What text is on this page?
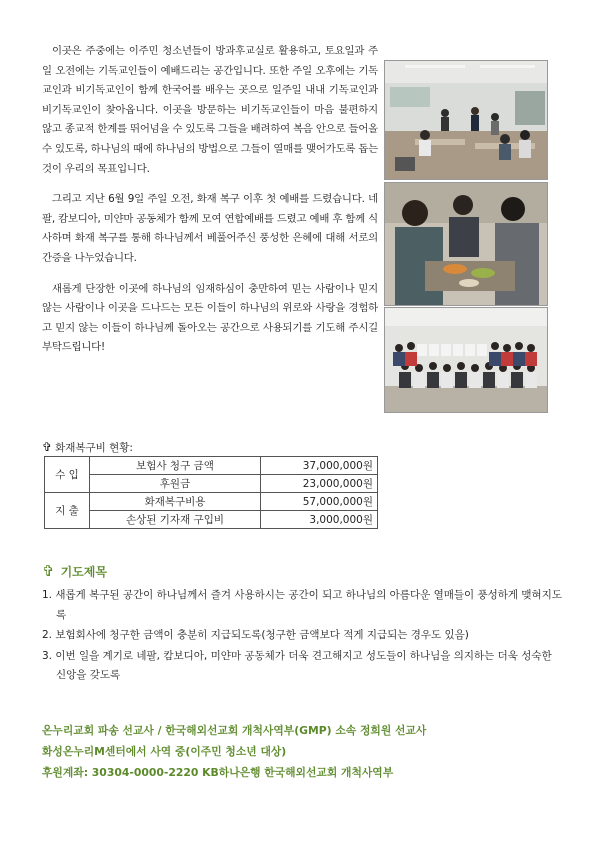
이곳은 주중에는 이주민 청소년들이 방과후교실로 활용하고, 토요일과 주일 오전에는 기독교인들이 예배드리는 공간입니다. 또한 주일 오후에는 기독교인과 비기독교인이 함께 한국어를 배우는 곳으로 일주일 내내 기독교인과 비기독교인이 찾아옵니다. 이곳을 방문하는 비기독교인들이 마음 불편하지 않고 종교적 한계를 뛰어넘을 수 있도록 그들을 배려하여 복음 안으로 들어올 수 있도록, 하나님의 때에 하나님의 방법으로 그들이 열매를 맺어가도록 돕는 것이 우리의 목표입니다.

그리고 지난 6월 9일 주일 오전, 화재 복구 이후 첫 예배를 드렸습니다. 네팔, 캄보디아, 미얀마 공동체가 함께 모여 연합예배를 드렸고 예배 후 함께 식사하며 화재 복구를 통해 하나님께서 베풀어주신 풍성한 은혜에 대해 서로의 간증을 나누었습니다.

새롭게 단장한 이곳에 하나님의 임재하심이 충만하여 믿는 사람이나 믿지 않는 사람이나 이곳을 드나드는 모든 이들이 하나님의 위로와 사랑을 경험하고 믿지 않는 이들이 하나님께 돌아오는 공간으로 사용되기를 기도해 주시길 부탁드립니다!

✞ 화재복구비 현황:
수 입	보험사 청구 금액	37,000,000원
	후원금	23,000,000원
지 출	화재복구비용	57,000,000원
	손상된 기자재 구입비	3,000,000원
✞ 기도제목
1. 새롭게 복구된 공간이 하나님께서 즐겨 사용하시는 공간이 되고 하나님의 아름다운 열매들이 풍성하게 맺혀지도록
2. 보험회사에 청구한 금액이 충분히 지급되도록(청구한 금액보다 적게 지급되는 경우도 있음)
3. 이번 일을 계기로 네팔, 캄보디아, 미얀마 공동체가 더욱 견고해지고 성도들이 하나님을 의지하는 더욱 성숙한 신앙을 갖도록
온누리교회 파송 선교사 / 한국해외선교회 개척사역부(GMP) 소속 정희원 선교사
화성온누리M센터에서 사역 중(이주민 청소년 대상)
후원계좌: 30304-0000-2220 KB하나은행 한국해외선교회 개척사역부
